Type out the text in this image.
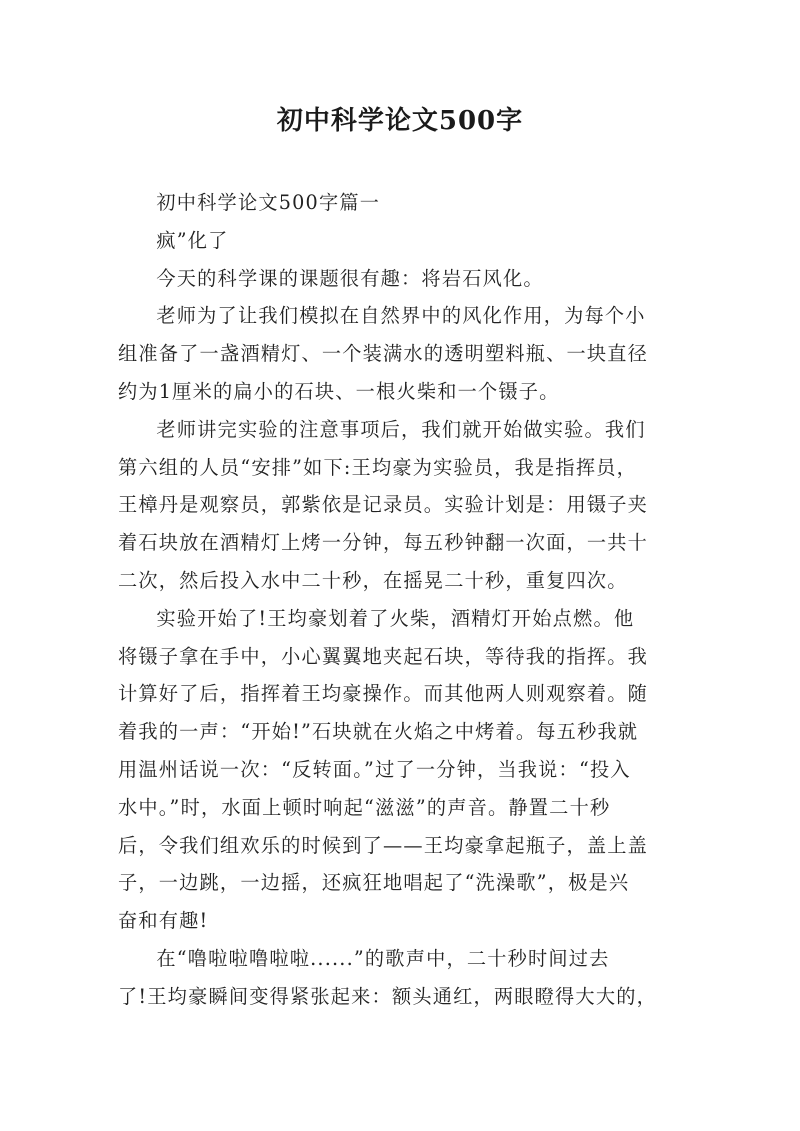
初中科学论文500字

初中科学论文500字篇一

疯”化了

今天的科学课的课题很有趣：将岩石风化。

老师为了让我们模拟在自然界中的风化作用，为每个小
组准备了一盏酒精灯、一个装满水的透明塑料瓶、一块直径
约为1厘米的扁小的石块、一根火柴和一个镊子。

老师讲完实验的注意事项后，我们就开始做实验。我们
第六组的人员“安排”如下:王均豪为实验员，我是指挥员，
王樟丹是观察员，郭紫依是记录员。实验计划是：用镊子夹
着石块放在酒精灯上烤一分钟，每五秒钟翻一次面，一共十
二次，然后投入水中二十秒，在摇晃二十秒，重复四次。

实验开始了!王均豪划着了火柴，酒精灯开始点燃。他
将镊子拿在手中，小心翼翼地夹起石块，等待我的指挥。我
计算好了后，指挥着王均豪操作。而其他两人则观察着。随
着我的一声：“开始!”石块就在火焰之中烤着。每五秒我就
用温州话说一次：“反转面。”过了一分钟，当我说：“投入
水中。”时，水面上顿时响起“滋滋”的声音。静置二十秒
后，令我们组欢乐的时候到了——王均豪拿起瓶子，盖上盖
子，一边跳，一边摇，还疯狂地唱起了“洗澡歌”，极是兴
奋和有趣!

在“噜啦啦噜啦啦......”的歌声中，二十秒时间过去
了!王均豪瞬间变得紧张起来：额头通红，两眼瞪得大大的，
